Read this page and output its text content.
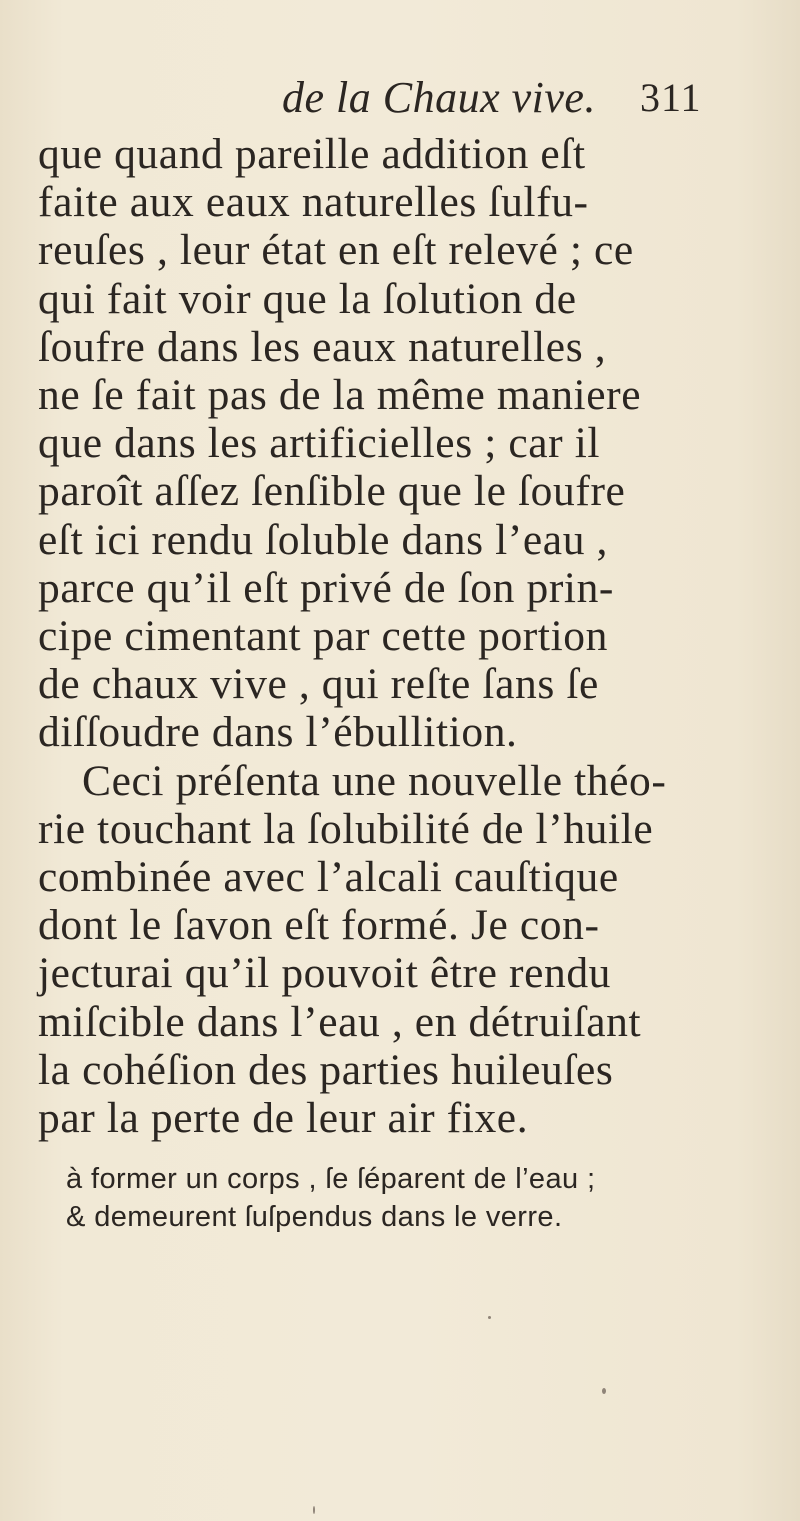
de la Chaux vive. 311
que quand pareille addition eſt
faite aux eaux naturelles ſulfu-
reuſes , leur état en eſt relevé ; ce
qui fait voir que la ſolution de
ſoufre dans les eaux naturelles ,
ne ſe fait pas de la même maniere
que dans les artificielles ; car il
paroît aſſez ſenſible que le ſoufre
eſt ici rendu ſoluble dans l’eau ,
parce qu’il eſt privé de ſon prin-
cipe cimentant par cette portion
de chaux vive , qui reſte ſans ſe
diſſoudre dans l’ébullition.
Ceci préſenta une nouvelle théo-
rie touchant la ſolubilité de l’huile
combinée avec l’alcali cauſtique
dont le ſavon eſt formé. Je con-
jecturai qu’il pouvoit être rendu
miſcible dans l’eau , en détruiſant
la cohéſion des parties huileuſes
par la perte de leur air fixe.
à former un corps , ſe ſéparent de l’eau ;
& demeurent ſuſpendus dans le verre.
